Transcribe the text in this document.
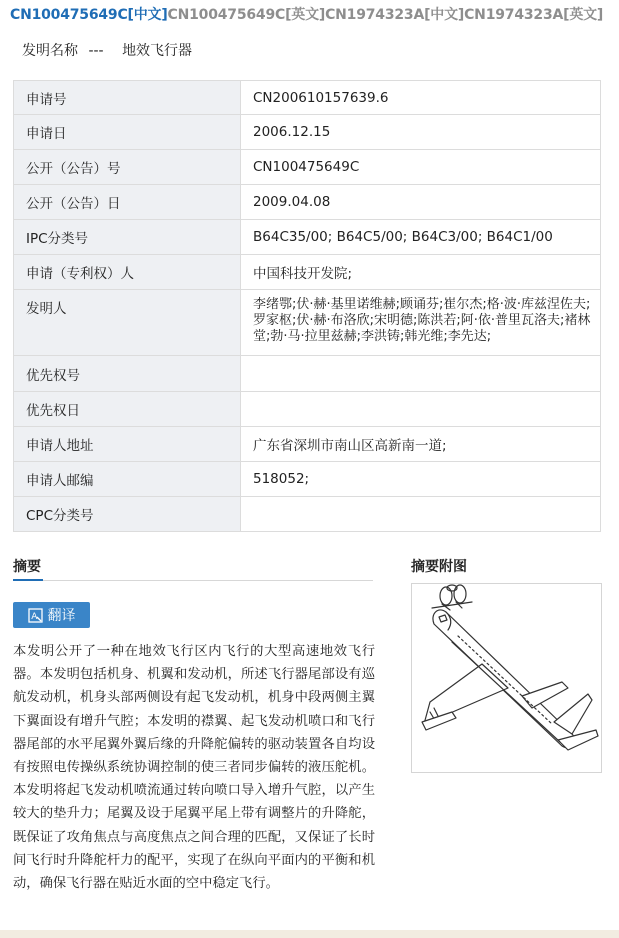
CN100475649C[中文]CN100475649C[英文]CN1974323A[中文]CN1974323A[英文]
发明名称 --- 地效飞行器
申请号	CN200610157639.6
申请日	2006.12.15
公开（公告）号	CN100475649C
公开（公告）日	2009.04.08
IPC分类号	B64C35/00; B64C5/00; B64C3/00; B64C1/00
申请（专利权）人	中国科技开发院;
发明人	李绪鄂;伏·赫·基里诺维赫;顾诵芬;崔尔杰;格·波·库兹涅佐夫;罗家枢;伏·赫·布洛欣;宋明德;陈洪若;阿·依·普里瓦洛夫;褚林堂;勃·马·拉里兹赫;李洪铸;韩光维;李先达;
优先权号	
优先权日	
申请人地址	广东省深圳市南山区高新南一道;
申请人邮编	518052;
CPC分类号	
摘要
A 翻译
本发明公开了一种在地效飞行区内飞行的大型高速地效飞行器。本发明包括机身、机翼和发动机，所述飞行器尾部设有巡航发动机，机身头部两侧设有起飞发动机，机身中段两侧主翼下翼面设有增升气腔；本发明的襟翼、起飞发动机喷口和飞行器尾部的水平尾翼外翼后缘的升降舵偏转的驱动装置各自均设有按照电传操纵系统协调控制的使三者同步偏转的液压舵机。本发明将起飞发动机喷流通过转向喷口导入增升气腔，以产生较大的垫升力；尾翼及设于尾翼平尾上带有调整片的升降舵，既保证了攻角焦点与高度焦点之间合理的匹配，又保证了长时间飞行时升降舵杆力的配平，实现了在纵向平面内的平衡和机动，确保飞行器在贴近水面的空中稳定飞行。
摘要附图
